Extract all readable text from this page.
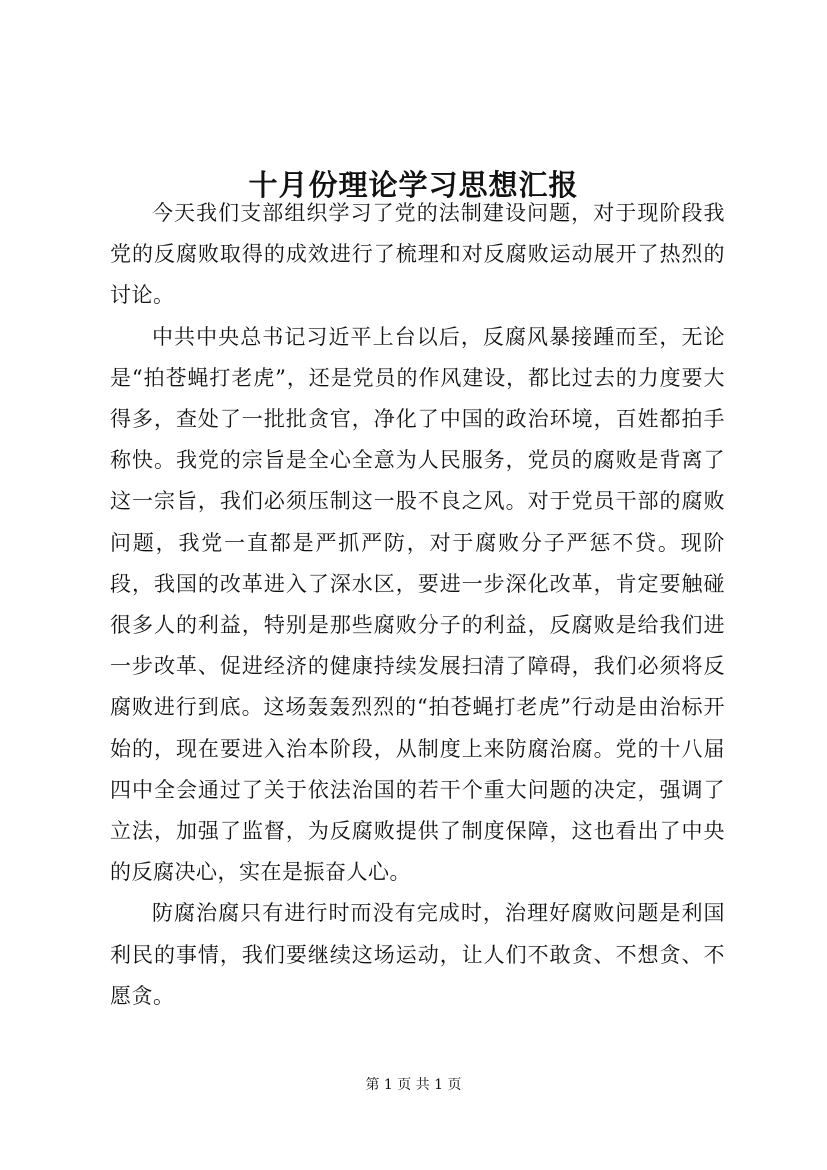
十月份理论学习思想汇报

今天我们支部组织学习了党的法制建设问题，对于现阶段我党的反腐败取得的成效进行了梳理和对反腐败运动展开了热烈的讨论。

中共中央总书记习近平上台以后，反腐风暴接踵而至，无论是“拍苍蝇打老虎”，还是党员的作风建设，都比过去的力度要大得多，查处了一批批贪官，净化了中国的政治环境，百姓都拍手称快。我党的宗旨是全心全意为人民服务，党员的腐败是背离了这一宗旨，我们必须压制这一股不良之风。对于党员干部的腐败问题，我党一直都是严抓严防，对于腐败分子严惩不贷。现阶段，我国的改革进入了深水区，要进一步深化改革，肯定要触碰很多人的利益，特别是那些腐败分子的利益，反腐败是给我们进一步改革、促进经济的健康持续发展扫清了障碍，我们必须将反腐败进行到底。这场轰轰烈烈的“拍苍蝇打老虎”行动是由治标开始的，现在要进入治本阶段，从制度上来防腐治腐。党的十八届四中全会通过了关于依法治国的若干个重大问题的决定，强调了立法，加强了监督，为反腐败提供了制度保障，这也看出了中央的反腐决心，实在是振奋人心。

防腐治腐只有进行时而没有完成时，治理好腐败问题是利国利民的事情，我们要继续这场运动，让人们不敢贪、不想贪、不愿贪。

第 1 页 共 1 页
